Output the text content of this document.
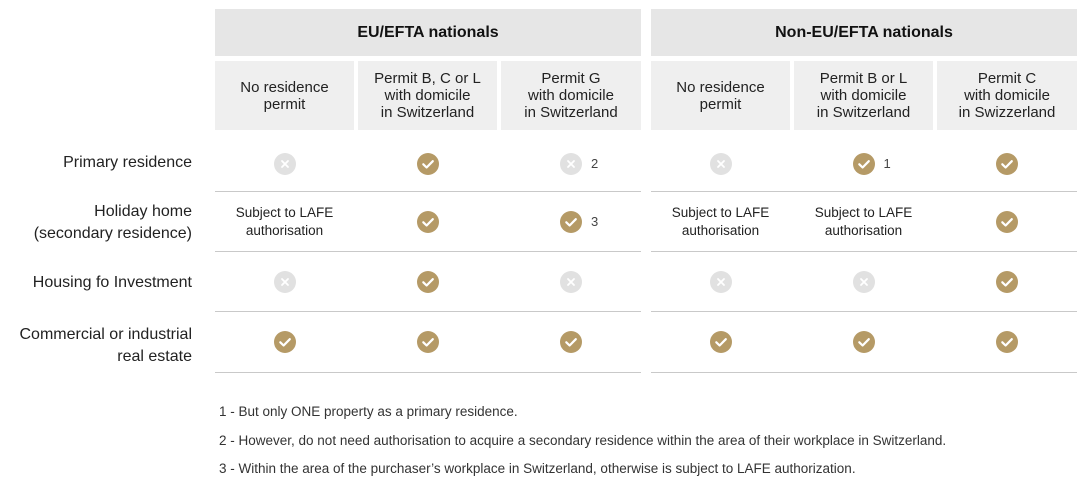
EU/EFTA nationals	Non-EU/EFTA nationals
No residence
permit
Permit B, C or L
with domicile
in Switzerland
Permit G
with domicile
in Switzerland
No residence
permit
Permit B or L
with domicile
in Switzerland
Permit C
with domicile
in Swizzerland
Primary residence
Holiday home
(secondary residence)
Housing fo Investment
Commercial or industrial
real estate
2	1
Subject to LAFE
authorisation
3
Subject to LAFE
authorisation
Subject to LAFE
authorisation
1 - But only ONE property as a primary residence.
2 - However, do not need authorisation to acquire a secondary residence within the area of their workplace in Switzerland.
3 - Within the area of the purchaser’s workplace in Switzerland, otherwise is subject to LAFE authorization.
